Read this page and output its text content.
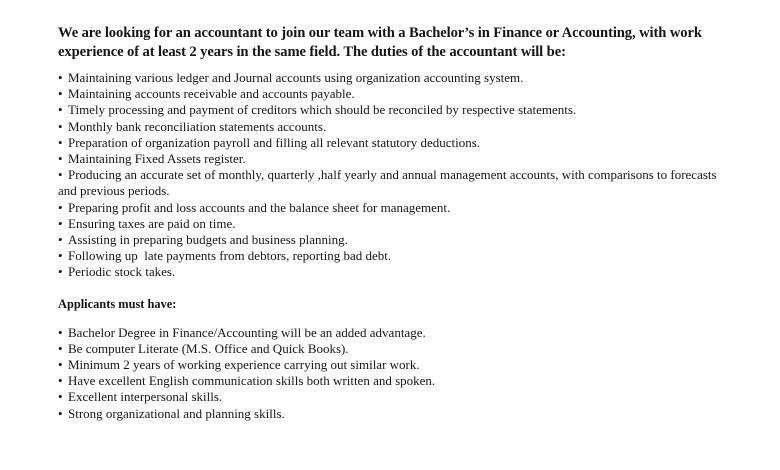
We are looking for an accountant to join our team with a Bachelor’s in Finance or Accounting, with work experience of at least 2 years in the same field. The duties of the accountant will be:

• Maintaining various ledger and Journal accounts using organization accounting system.
• Maintaining accounts receivable and accounts payable.
• Timely processing and payment of creditors which should be reconciled by respective statements.
• Monthly bank reconciliation statements accounts.
• Preparation of organization payroll and filling all relevant statutory deductions.
• Maintaining Fixed Assets register.
• Producing an accurate set of monthly, quarterly ,half yearly and annual management accounts, with comparisons to forecasts and previous periods.
• Preparing profit and loss accounts and the balance sheet for management.
• Ensuring taxes are paid on time.
• Assisting in preparing budgets and business planning.
• Following up  late payments from debtors, reporting bad debt.
• Periodic stock takes.
Applicants must have:
• Bachelor Degree in Finance/Accounting will be an added advantage.
• Be computer Literate (M.S. Office and Quick Books).
• Minimum 2 years of working experience carrying out similar work.
• Have excellent English communication skills both written and spoken.
• Excellent interpersonal skills.
• Strong organizational and planning skills.
